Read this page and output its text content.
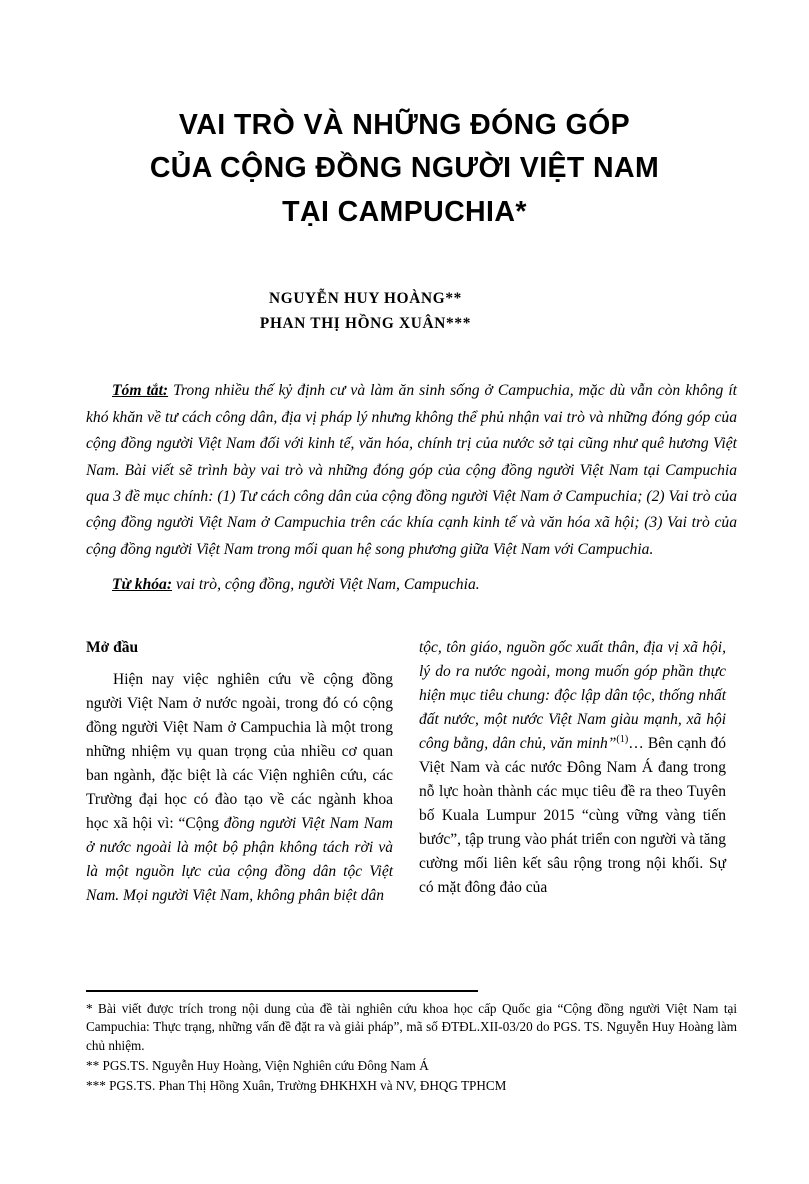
VAI TRÒ VÀ NHỮNG ĐÓNG GÓP
CỦA CỘNG ĐỒNG NGƯỜI VIỆT NAM
TẠI CAMPUCHIA*
NGUYỄN HUY HOÀNG**
PHAN THỊ HỒNG XUÂN***

Tóm tắt: Trong nhiều thế kỷ định cư và làm ăn sinh sống ở Campuchia, mặc dù vẫn còn không ít khó khăn về tư cách công dân, địa vị pháp lý nhưng không thể phủ nhận vai trò và những đóng góp của cộng đồng người Việt Nam đối với kinh tế, văn hóa, chính trị của nước sở tại cũng như quê hương Việt Nam. Bài viết sẽ trình bày vai trò và những đóng góp của cộng đồng người Việt Nam tại Campuchia qua 3 đề mục chính: (1) Tư cách công dân của cộng đồng người Việt Nam ở Campuchia; (2) Vai trò của cộng đồng người Việt Nam ở Campuchia trên các khía cạnh kinh tế và văn hóa xã hội; (3) Vai trò của cộng đồng người Việt Nam trong mối quan hệ song phương giữa Việt Nam với Campuchia.

Từ khóa: vai trò, cộng đồng, người Việt Nam, Campuchia.

Mở đầu

Hiện nay việc nghiên cứu về cộng đồng người Việt Nam ở nước ngoài, trong đó có cộng đồng người Việt Nam ở Campuchia là một trong những nhiệm vụ quan trọng của nhiều cơ quan ban ngành, đặc biệt là các Viện nghiên cứu, các Trường đại học có đào tạo về các ngành khoa học xã hội vì: “Cộng đồng người Việt Nam Nam ở nước ngoài là một bộ phận không tách rời và là một nguồn lực của cộng đồng dân tộc Việt Nam. Mọi người Việt Nam, không phân biệt dân

tộc, tôn giáo, nguồn gốc xuất thân, địa vị xã hội, lý do ra nước ngoài, mong muốn góp phần thực hiện mục tiêu chung: độc lập dân tộc, thống nhất đất nước, một nước Việt Nam giàu mạnh, xã hội công bằng, dân chủ, văn minh”$^{(1)}$… Bên cạnh đó Việt Nam và các nước Đông Nam Á đang trong nỗ lực hoàn thành các mục tiêu đề ra theo Tuyên bố Kuala Lumpur 2015 “cùng vững vàng tiến bước”, tập trung vào phát triển con người và tăng cường mối liên kết sâu rộng trong nội khối. Sự có mặt đông đảo của

* Bài viết được trích trong nội dung của đề tài nghiên cứu khoa học cấp Quốc gia “Cộng đồng người Việt Nam tại Campuchia: Thực trạng, những vấn đề đặt ra và giải pháp”, mã số ĐTĐL.XII-03/20 do PGS. TS. Nguyễn Huy Hoàng làm chủ nhiệm.

** PGS.TS. Nguyễn Huy Hoàng, Viện Nghiên cứu Đông Nam Á

*** PGS.TS. Phan Thị Hồng Xuân, Trường ĐHKHXH và NV, ĐHQG TPHCM
